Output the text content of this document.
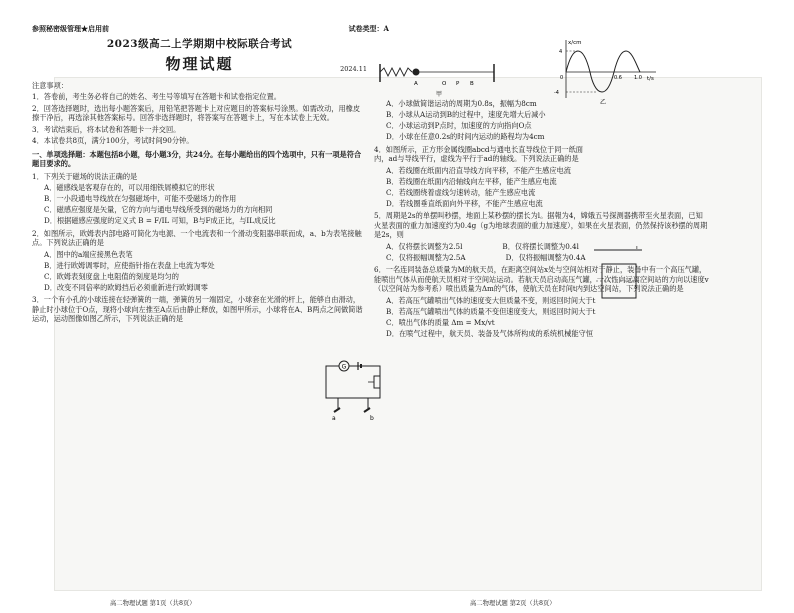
参照秘密级管理★启用前	试卷类型：A
2023级高二上学期期中校际联合考试
物理试题	2024.11
注意事项：
1．答卷前，考生务必将自己的姓名、考生号等填写在答题卡和试卷指定位置。
2．回答选择题时，选出每小题答案后，用铅笔把答题卡上对应题目的答案标号涂黑。如需改动，用橡皮擦干净后，再选涂其他答案标号。回答非选择题时，将答案写在答题卡上，写在本试卷上无效。
3．考试结束后，将本试卷和答题卡一并交回。
4．本试卷共8页，满分100分，考试时间90分钟。
一、单项选择题：本题包括8小题，每小题3分，共24分。在每小题给出的四个选项中，只有一项是符合题目要求的。
1．下列关于磁场的说法正确的是
A．磁感线是客观存在的，可以用细铁屑模拟它的形状
B．一小段通电导线放在匀强磁场中，可能不受磁场力的作用
C．磁感应强度是矢量，它的方向与通电导线所受到的磁场力的方向相同
D．根据磁感应强度的定义式 B = F/IL 可知，B与F成正比，与IL成反比
2．如图所示，欧姆表内部电路可简化为电源、一个电流表和一个滑动变阻器串联而成，a、b为表笔接触点。下列说法正确的是
A．图中的a端应接黑色表笔
B．进行欧姆调零时，应使指针指在表盘上电流为零处
C．欧姆表刻度盘上电阻值的刻度是均匀的
D．改变不同倍率的欧姆挡后必须重新进行欧姆调零
3．一个有小孔的小球连接在轻弹簧的一端，弹簧的另一端固定，小球套在光滑的杆上，能够自由滑动，静止时小球位于O点，现将小球向左推至A点后由静止释放，如图甲所示，小球将在A、B两点之间做简谐运动，运动图像如图乙所示，下列说法正确的是
G
a	b
A．小球做简谐运动的周期为0.8s，振幅为8cm
B．小球从A运动到B的过程中，速度先增大后减小
C．小球运动到P点时，加速度的方向指向O点
D．小球在任意0.2s的时间内运动的路程均为4cm
4．如图所示，正方形金属线圈abcd与通电长直导线位于同一纸面内，ad与导线平行，虚线为平行于ad的轴线。下列说法正确的是
A．若线圈在纸面内沿直导线方向平移，不能产生感应电流
B．若线圈在纸面内沿轴线向左平移，能产生感应电流
C．若线圈绕着虚线匀速转动，能产生感应电流
D．若线圈垂直纸面向外平移，不能产生感应电流
5．周期是2s的单摆叫秒摆，地面上某秒摆的摆长为l。据報为4，嫦娥五号探测器携带至火星表面，已知火星表面的重力加速度约为0.4g（g为地球表面的重力加速度），如果在火星表面，仍然保持该秒摆的周期是2s，则
A．仅将摆长调整为2.5l	B．仅将摆长调整为0.4l
C．仅将振幅调整为2.5A	D．仅将振幅调整为0.4A
6．一名连同装备总质量为M的航天员，在距离空间站x处与空间站相对于静止，装备中有一个高压气罐，能喷出气体从而使航天员相对于空间站运动。若航天员启动高压气罐，一次性向远离空间站的方向以速度v（以空间站为参考系）喷出质量为Δm的气体，使航天员在时间t内到达空间站，下列说法正确的是
A．若高压气罐喷出气体的速度变大但质量不变，则返回时间大于t
B．若高压气罐喷出气体的质量不变但速度变大，则返回时间大于t
C．喷出气体的质量 Δm = Mx/vt
D．在喷气过程中，航天员、装备及气体所构成的系统机械能守恒
A	O P B
甲
x/cm
t/s
4
-4
0	0.6 1.0
乙
I
高二物理试题 第1页（共8页）	高二物理试题 第2页（共8页）
